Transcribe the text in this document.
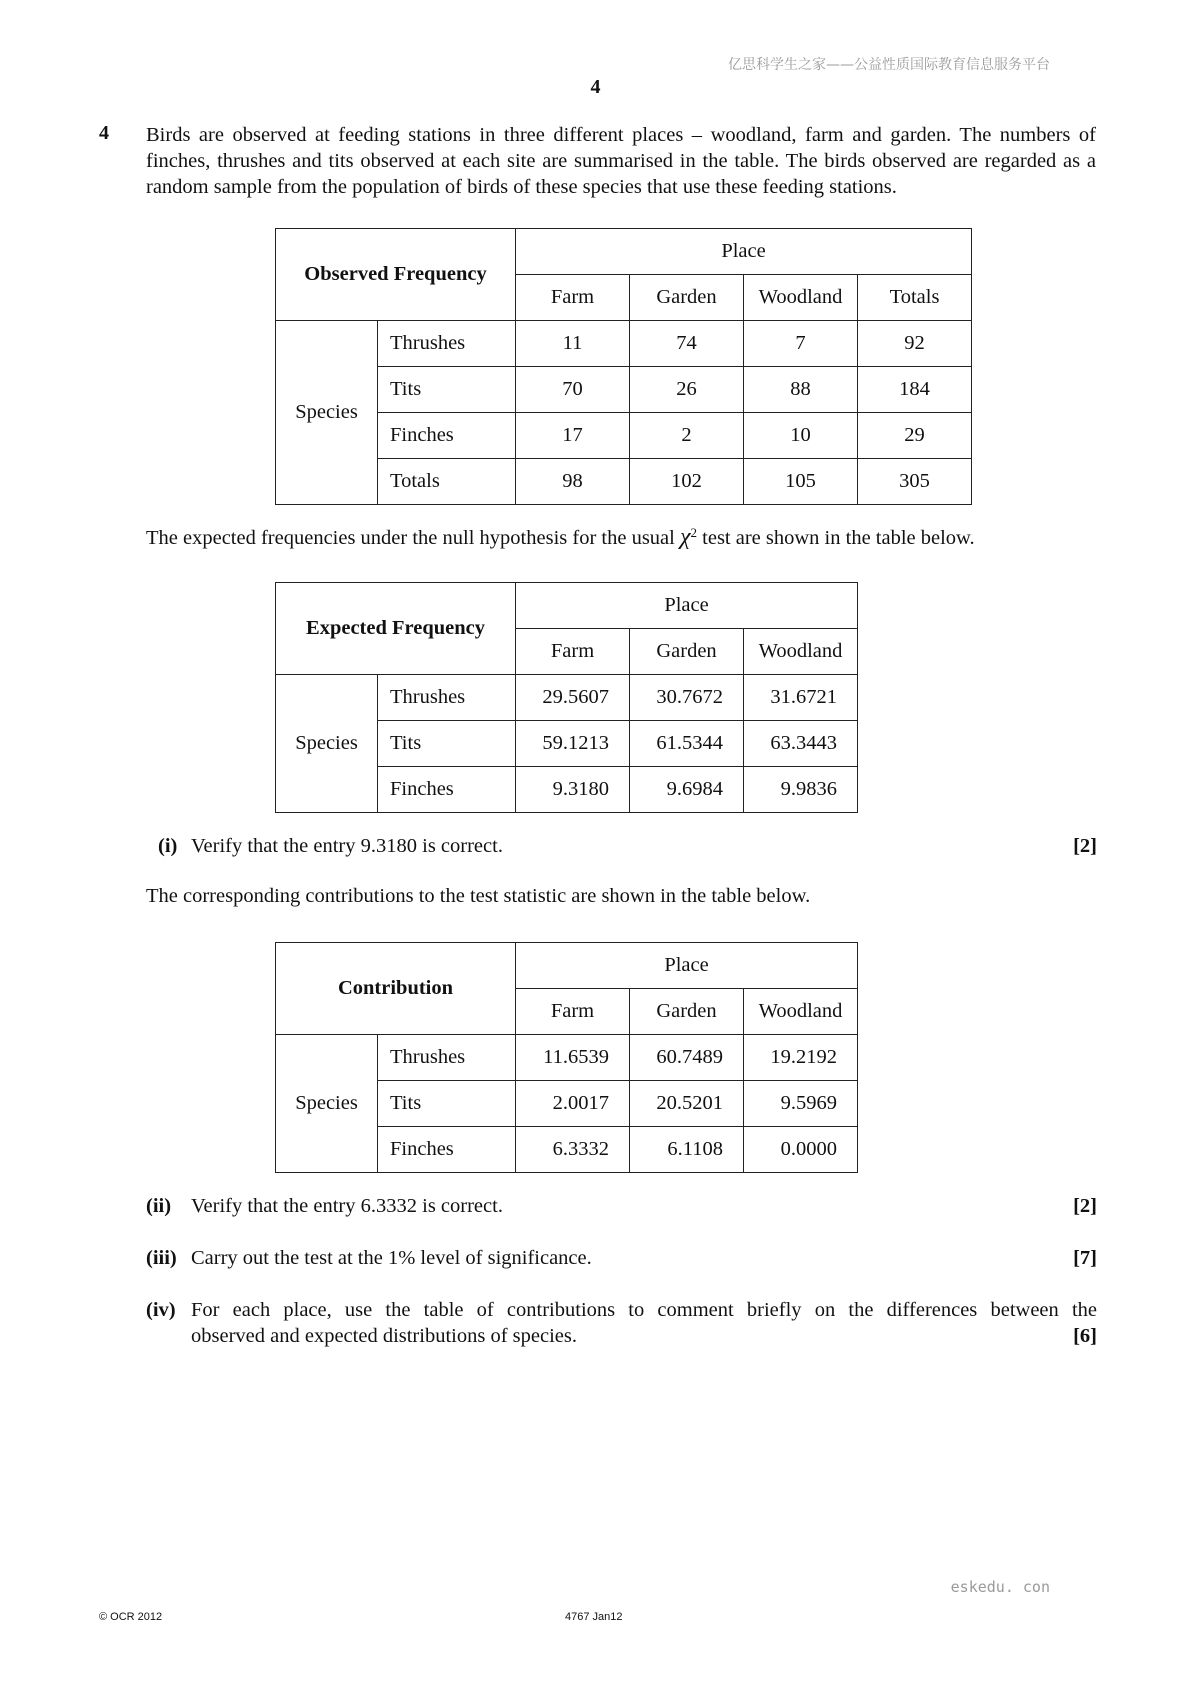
亿思科学生之家——公益性质国际教育信息服务平台
4
4 Birds are observed at feeding stations in three different places – woodland, farm and garden. The numbers of finches, thrushes and tits observed at each site are summarised in the table. The birds observed are regarded as a random sample from the population of birds of these species that use these feeding stations.
Observed Frequency		Place			
		Farm	Garden	Woodland	Totals
Species	Thrushes	11	74	7	92
	Tits	70	26	88	184
	Finches	17	2	10	29
	Totals	98	102	105	305
The expected frequencies under the null hypothesis for the usual $\chi^2$ test are shown in the table below.
Expected Frequency		Place		
		Farm	Garden	Woodland
Species	Thrushes	29.5607	30.7672	31.6721
	Tits	59.1213	61.5344	63.3443
	Finches	9.3180	9.6984	9.9836
(i) Verify that the entry 9.3180 is correct.	[2]
The corresponding contributions to the test statistic are shown in the table below.
Contribution		Place		
		Farm	Garden	Woodland
Species	Thrushes	11.6539	60.7489	19.2192
	Tits	2.0017	20.5201	9.5969
	Finches	6.3332	6.1108	0.0000
(ii) Verify that the entry 6.3332 is correct.	[2]
(iii) Carry out the test at the 1% level of significance.	[7]
(iv) For each place, use the table of contributions to comment briefly on the differences between the
observed and expected distributions of species.	[6]
eskedu. con
© OCR 2012	4767 Jan12
